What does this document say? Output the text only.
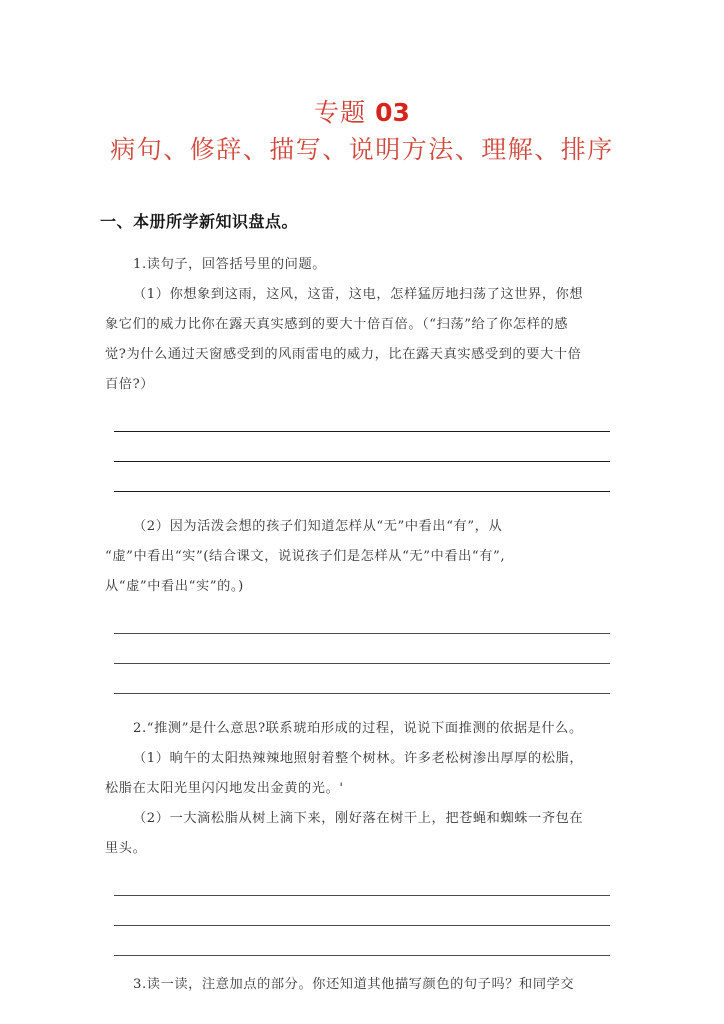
专题 03
病句、修辞、描写、说明方法、理解、排序
一、本册所学新知识盘点。
1.读句子，回答括号里的问题。
（1）你想象到这雨，这风，这雷，这电，怎样猛厉地扫荡了这世界，你想
象它们的威力比你在露天真实感到的要大十倍百倍。（“扫荡”给了你怎样的感
觉?为什么通过天窗感受到的风雨雷电的威力，比在露天真实感受到的要大十倍
百倍?）
（2）因为活泼会想的孩子们知道怎样从“无”中看出“有”，从
“虚”中看出“实”(结合课文，说说孩子们是怎样从“无”中看出“有”,
从“虚”中看出“实”的。)
2.“推测”是什么意思?联系琥珀形成的过程，说说下面推测的依据是什么。
（1）晌午的太阳热辣辣地照射着整个树林。许多老松树渗出厚厚的松脂，
松脂在太阳光里闪闪地发出金黄的光。'
（2）一大滴松脂从树上滴下来，刚好落在树干上，把苍蝇和蜘蛛一齐包在
里头。
3.读一读，注意加点的部分。你还知道其他描写颜色的句子吗？和同学交
